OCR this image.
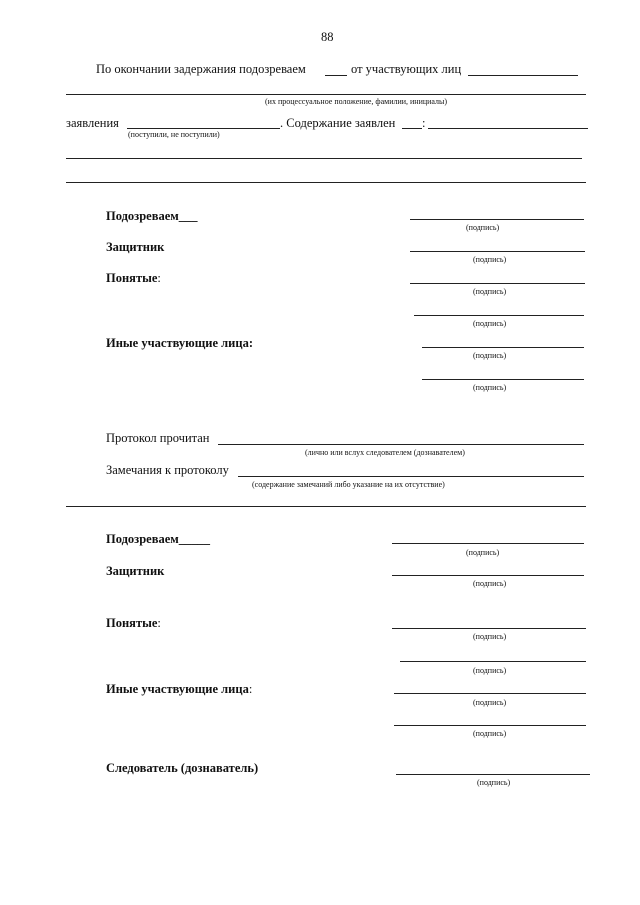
88
По окончании задержания подозреваем	от участвующих лиц
(их процессуальное положение, фамилии, инициалы)
заявления	. Содержание заявлен :
(поступили, не поступили)
Подозреваем___
(подпись)
Защитник
(подпись)
Понятые:
(подпись)
(подпись)
Иные участвующие лица:
(подпись)
(подпись)
Протокол прочитан
(лично или вслух следователем (дознавателем)
Замечания к протоколу
(содержание замечаний либо указание на их отсутствие)
Подозреваем_____
(подпись)
Защитник
(подпись)
Понятые:
(подпись)
(подпись)
Иные участвующие лица:
(подпись)
(подпись)
Следователь (дознаватель)
(подпись)
